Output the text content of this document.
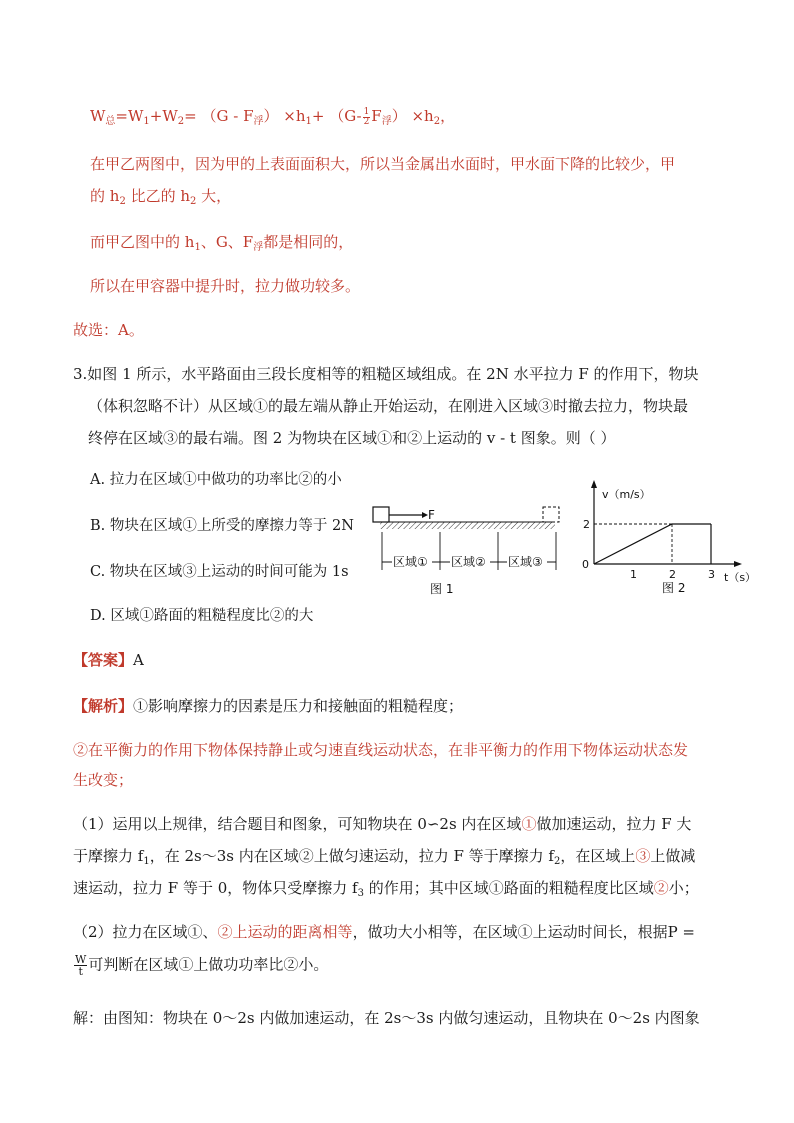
$W_总=W_1+W_2= (G - F_浮) \times h_1+ (G- \frac{1}{2} F_浮) \times h_2$，
在甲乙两图中，因为甲的上表面面积大，所以当金属出水面时，甲水面下降的比较少，甲
的 $h_2$ 比乙的 $h_2$ 大，
而甲乙图中的 $h_1$、G、$F_浮$都是相同的，
所以在甲容器中提升时，拉力做功较多。
故选：A。
3.如图 1 所示，水平路面由三段长度相等的粗糙区域组成。在 2N 水平拉力 F 的作用下，物块
（体积忽略不计）从区域①的最左端从静止开始运动，在刚进入区域③时撤去拉力，物块最
终停在区域③的最右端。图 2 为物块在区域①和②上运动的 v - t 图象。则（ ）
A. 拉力在区域①中做功的功率比②的小
B. 物块在区域①上所受的摩擦力等于 2N
C. 物块在区域③上运动的时间可能为 1s
D. 区域①路面的粗糙程度比②的大
F
区域① 区域② 区域③
图 1
v（m/s）
t（s）
图 2
0
1	2	3
2
【答案】A
【解析】①影响摩擦力的因素是压力和接触面的粗糙程度；
②在平衡力的作用下物体保持静止或匀速直线运动状态，在非平衡力的作用下物体运动状态发
生改变；
（1）运用以上规律，结合题目和图象，可知物块在 0∽2s 内在区域①做加速运动，拉力 F 大
于摩擦力 $f_1$，在 2s～3s 内在区域②上做匀速运动，拉力 F 等于摩擦力 $f_2$，在区域上③上做减
速运动，拉力 F 等于 0，物体只受摩擦力 $f_3$ 的作用；其中区域①路面的粗糙程度比区域②小；
（2）拉力在区域①、②上运动的距离相等，做功大小相等，在区域①上运动时间长，根据P =
$\frac{W}{t}$ 可判断在区域①上做功功率比②小。
解：由图知：物块在 0～2s 内做加速运动，在 2s～3s 内做匀速运动，且物块在 0～2s 内图象
